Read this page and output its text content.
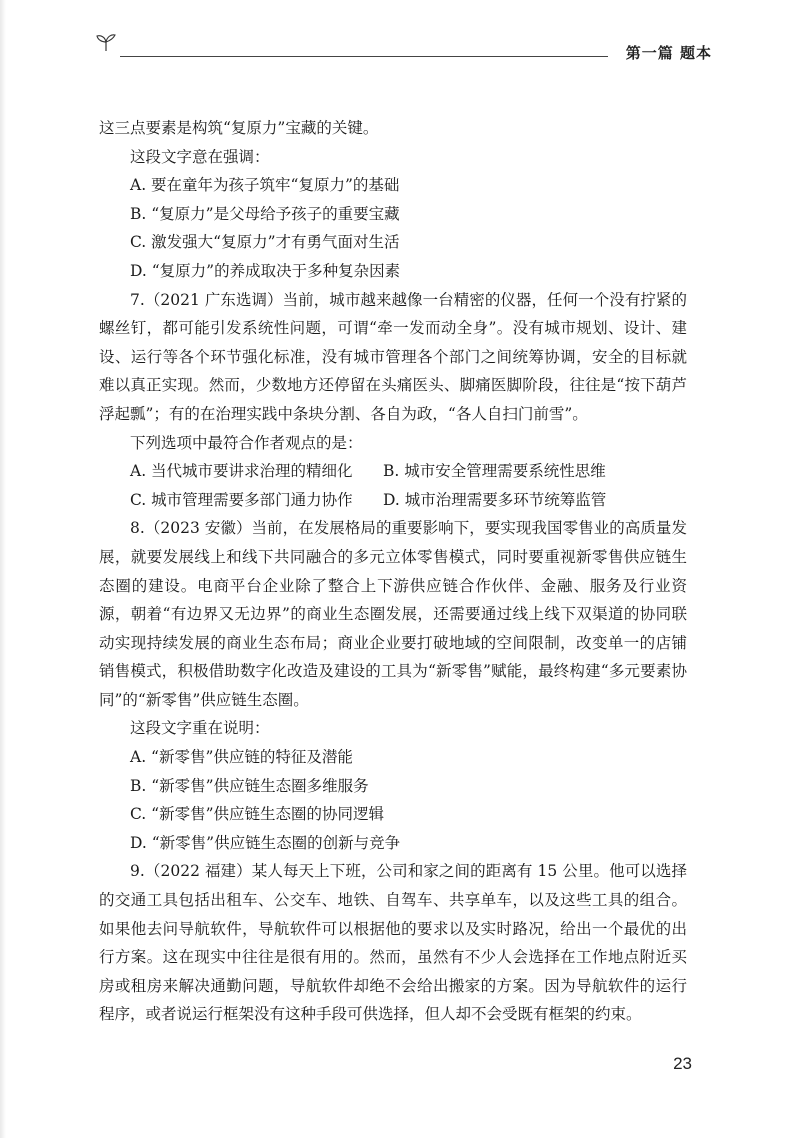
第一篇 题本

这三点要素是构筑“复原力”宝藏的关键。

这段文字意在强调：

A. 要在童年为孩子筑牢“复原力”的基础

B. “复原力”是父母给予孩子的重要宝藏

C. 激发强大“复原力”才有勇气面对生活

D. “复原力”的养成取决于多种复杂因素

7.（2021 广东选调）当前，城市越来越像一台精密的仪器，任何一个没有拧紧的螺丝钉，都可能引发系统性问题，可谓“牵一发而动全身”。没有城市规划、设计、建设、运行等各个环节强化标准，没有城市管理各个部门之间统筹协调，安全的目标就难以真正实现。然而，少数地方还停留在头痛医头、脚痛医脚阶段，往往是“按下葫芦浮起瓢”；有的在治理实践中条块分割、各自为政，“各人自扫门前雪”。

下列选项中最符合作者观点的是：

A. 当代城市要讲求治理的精细化	B. 城市安全管理需要系统性思维
C. 城市管理需要多部门通力协作	D. 城市治理需要多环节统筹监管

8.（2023 安徽）当前，在发展格局的重要影响下，要实现我国零售业的高质量发展，就要发展线上和线下共同融合的多元立体零售模式，同时要重视新零售供应链生态圈的建设。电商平台企业除了整合上下游供应链合作伙伴、金融、服务及行业资源，朝着“有边界又无边界”的商业生态圈发展，还需要通过线上线下双渠道的协同联动实现持续发展的商业生态布局；商业企业要打破地域的空间限制，改变单一的店铺销售模式，积极借助数字化改造及建设的工具为“新零售”赋能，最终构建“多元要素协同”的“新零售”供应链生态圈。

这段文字重在说明：

A. “新零售”供应链的特征及潜能

B. “新零售”供应链生态圈多维服务

C. “新零售”供应链生态圈的协同逻辑

D. “新零售”供应链生态圈的创新与竞争

9.（2022 福建）某人每天上下班，公司和家之间的距离有 15 公里。他可以选择的交通工具包括出租车、公交车、地铁、自驾车、共享单车，以及这些工具的组合。如果他去问导航软件，导航软件可以根据他的要求以及实时路况，给出一个最优的出行方案。这在现实中往往是很有用的。然而，虽然有不少人会选择在工作地点附近买房或租房来解决通勤问题，导航软件却绝不会给出搬家的方案。因为导航软件的运行程序，或者说运行框架没有这种手段可供选择，但人却不会受既有框架的约束。

23
